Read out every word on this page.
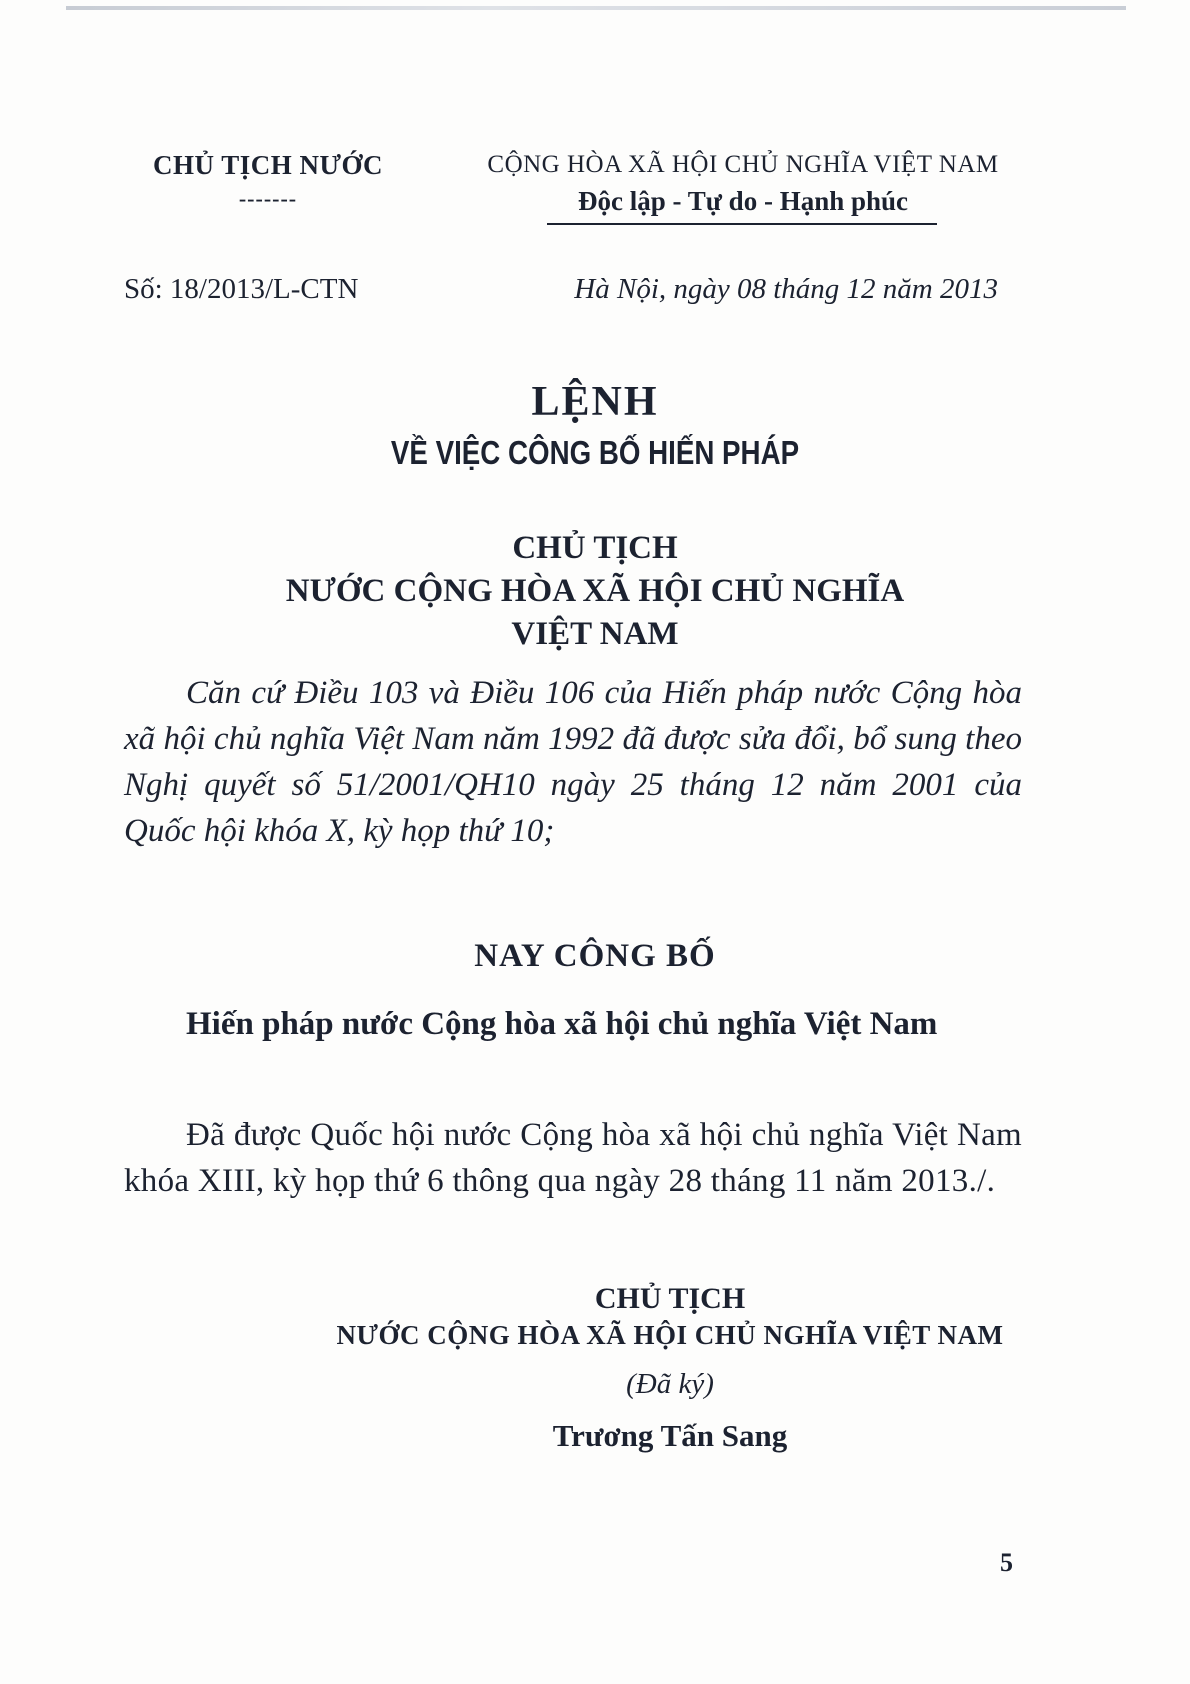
CHỦ TỊCH NƯỚC
-------
CỘNG HÒA XÃ HỘI CHỦ NGHĨA VIỆT NAM
Độc lập - Tự do - Hạnh phúc
Số: 18/2013/L-CTN	Hà Nội, ngày 08 tháng 12 năm 2013
LỆNH
VỀ VIỆC CÔNG BỐ HIẾN PHÁP
CHỦ TỊCH
NƯỚC CỘNG HÒA XÃ HỘI CHỦ NGHĨA
VIỆT NAM
Căn cứ Điều 103 và Điều 106 của Hiến pháp nước Cộng hòa xã hội chủ nghĩa Việt Nam năm 1992 đã được sửa đổi, bổ sung theo Nghị quyết số 51/2001/QH10 ngày 25 tháng 12 năm 2001 của Quốc hội khóa X, kỳ họp thứ 10;
NAY CÔNG BỐ
Hiến pháp nước Cộng hòa xã hội chủ nghĩa Việt Nam
Đã được Quốc hội nước Cộng hòa xã hội chủ nghĩa Việt Nam khóa XIII, kỳ họp thứ 6 thông qua ngày 28 tháng 11 năm 2013./.
CHỦ TỊCH
NƯỚC CỘNG HÒA XÃ HỘI CHỦ NGHĨA VIỆT NAM
(Đã ký)
Trương Tấn Sang
5
